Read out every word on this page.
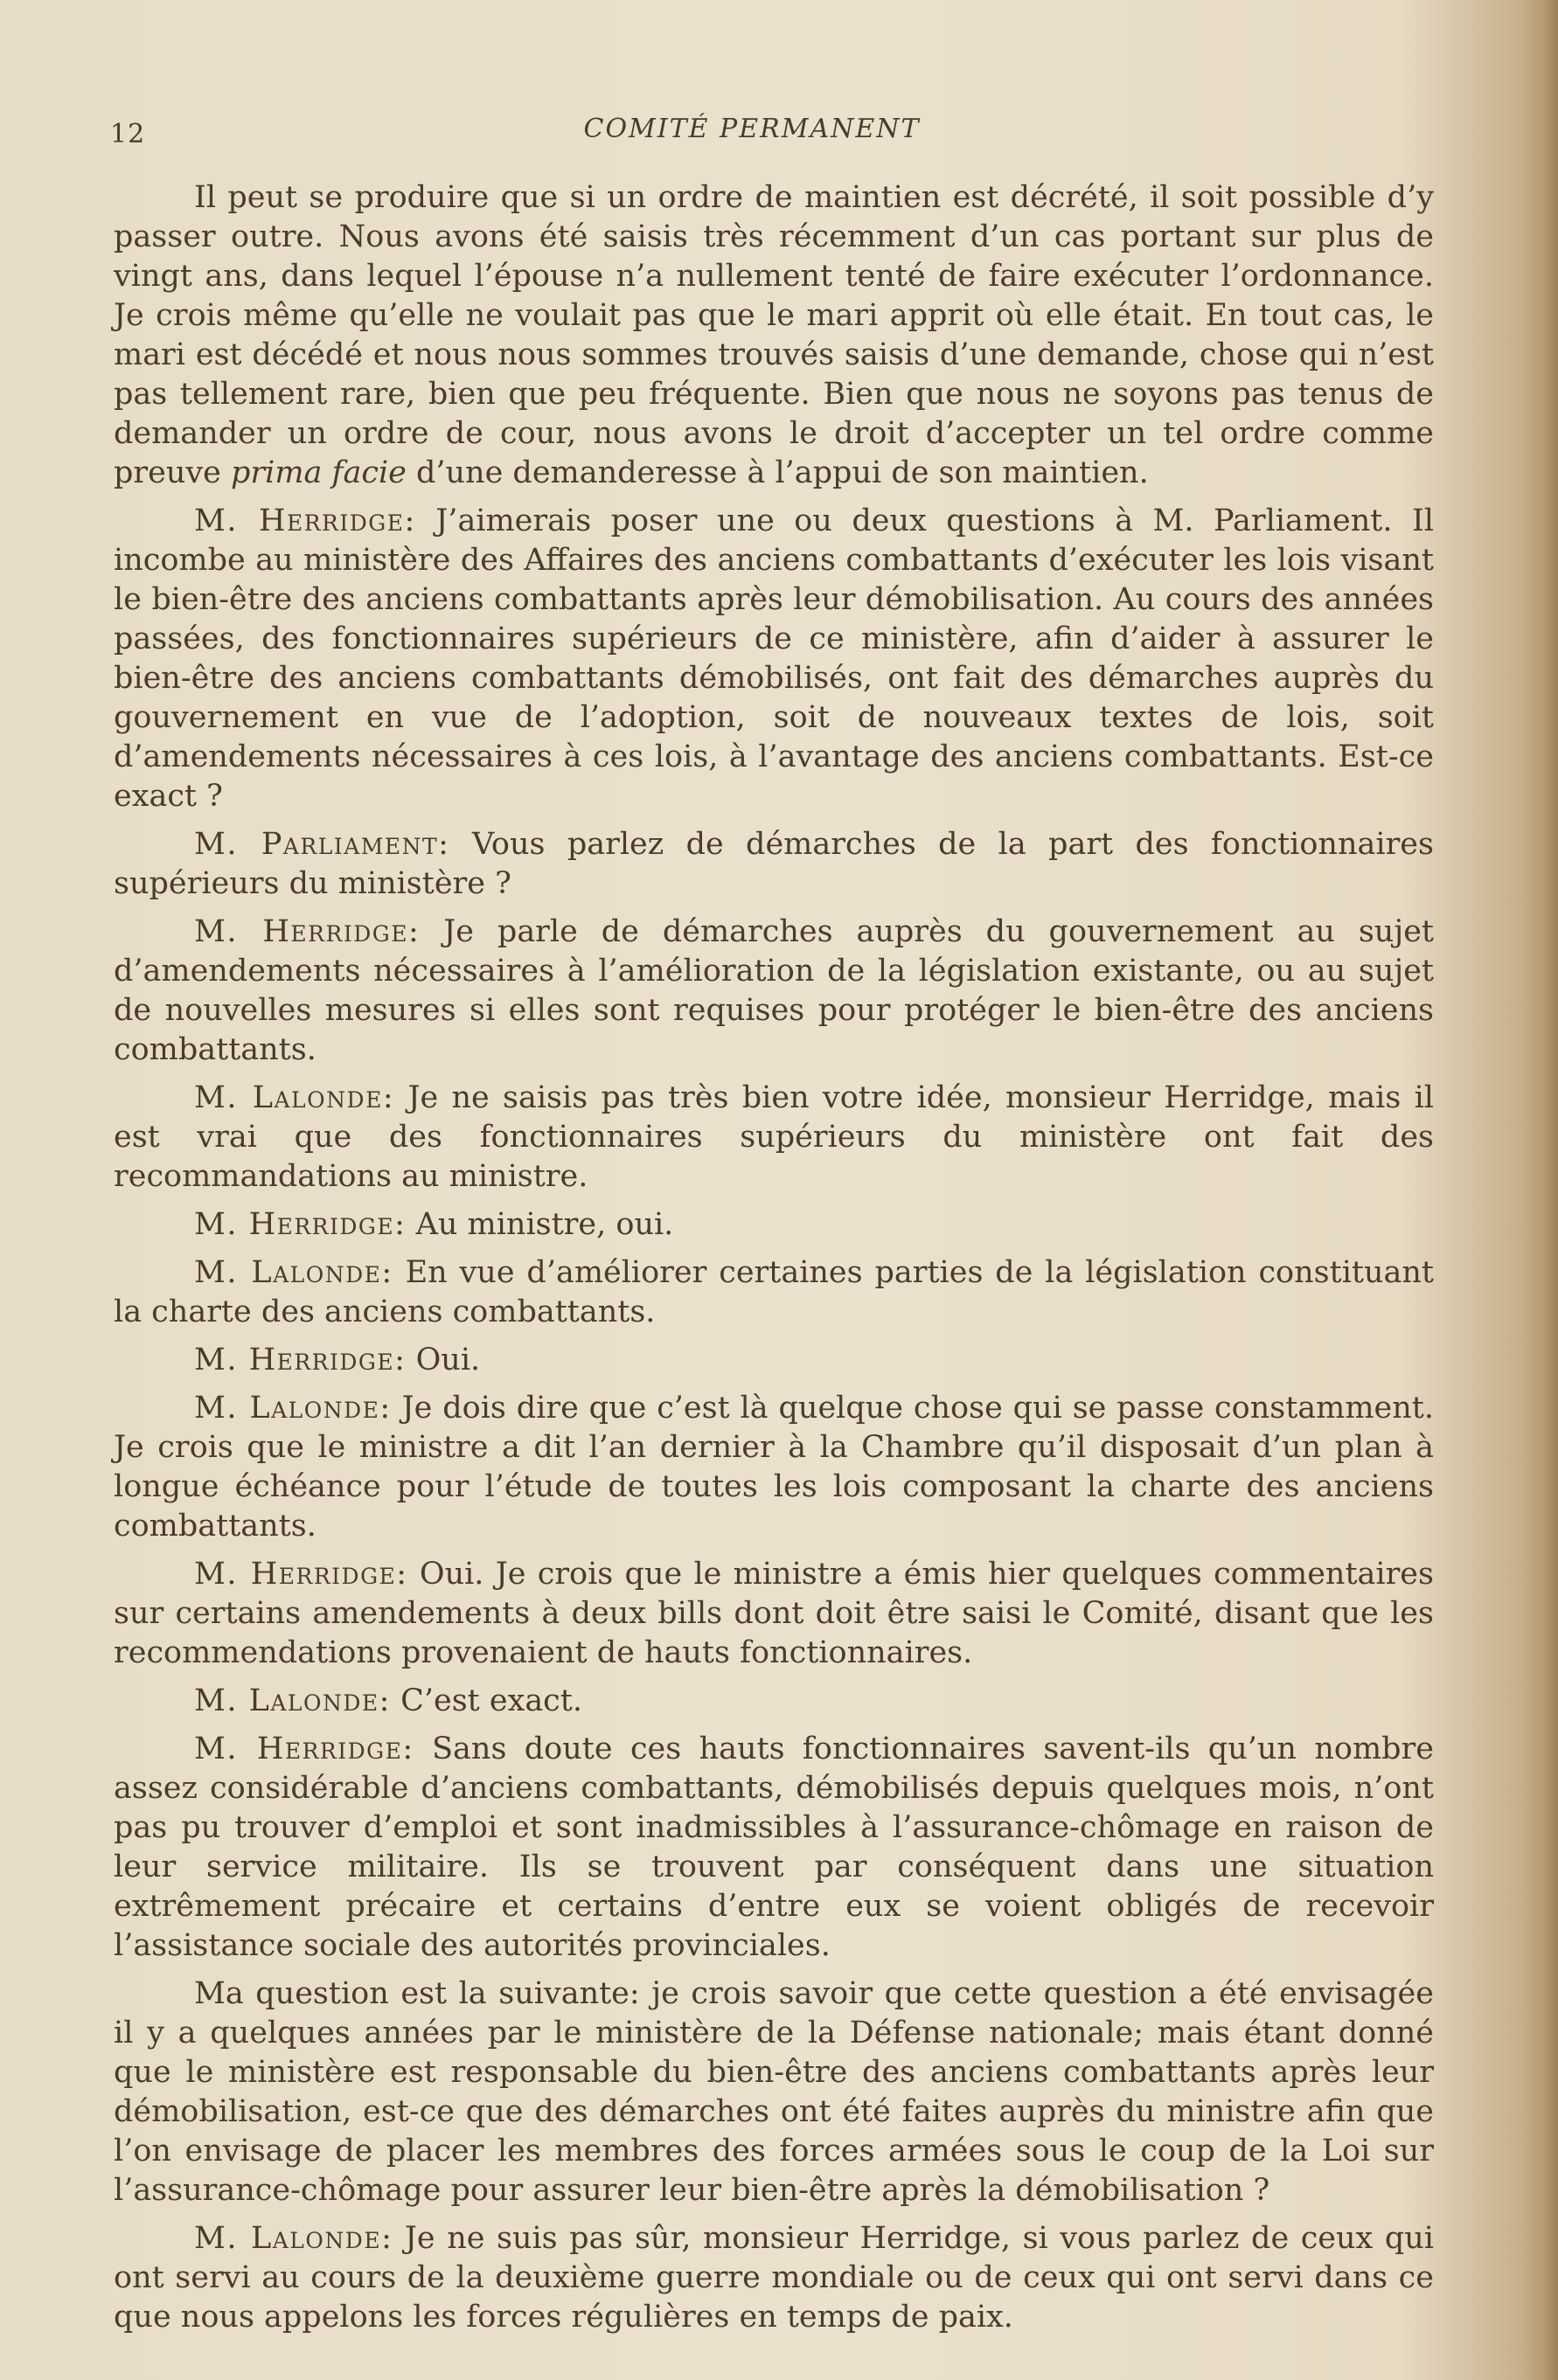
12	COMITÉ PERMANENT

Il peut se produire que si un ordre de maintien est décrété, il soit possible d’y passer outre. Nous avons été saisis très récemment d’un cas portant sur plus de vingt ans, dans lequel l’épouse n’a nullement tenté de faire exécuter l’ordonnance. Je crois même qu’elle ne voulait pas que le mari apprit où elle était. En tout cas, le mari est décédé et nous nous sommes trouvés saisis d’une demande, chose qui n’est pas tellement rare, bien que peu fréquente. Bien que nous ne soyons pas tenus de demander un ordre de cour, nous avons le droit d’accepter un tel ordre comme preuve prima facie d’une demanderesse à l’appui de son maintien.

M. Herridge: J’aimerais poser une ou deux questions à M. Parliament. Il incombe au ministère des Affaires des anciens combattants d’exécuter les lois visant le bien-être des anciens combattants après leur démobilisation. Au cours des années passées, des fonctionnaires supérieurs de ce ministère, afin d’aider à assurer le bien-être des anciens combattants démobilisés, ont fait des démarches auprès du gouvernement en vue de l’adoption, soit de nouveaux textes de lois, soit d’amendements nécessaires à ces lois, à l’avantage des anciens combattants. Est-ce exact ?

M. Parliament: Vous parlez de démarches de la part des fonctionnaires supérieurs du ministère ?

M. Herridge: Je parle de démarches auprès du gouvernement au sujet d’amendements nécessaires à l’amélioration de la législation existante, ou au sujet de nouvelles mesures si elles sont requises pour protéger le bien-être des anciens combattants.

M. Lalonde: Je ne saisis pas très bien votre idée, monsieur Herridge, mais il est vrai que des fonctionnaires supérieurs du ministère ont fait des recommandations au ministre.

M. Herridge: Au ministre, oui.

M. Lalonde: En vue d’améliorer certaines parties de la législation constituant la charte des anciens combattants.

M. Herridge: Oui.

M. Lalonde: Je dois dire que c’est là quelque chose qui se passe constamment. Je crois que le ministre a dit l’an dernier à la Chambre qu’il disposait d’un plan à longue échéance pour l’étude de toutes les lois composant la charte des anciens combattants.

M. Herridge: Oui. Je crois que le ministre a émis hier quelques commentaires sur certains amendements à deux bills dont doit être saisi le Comité, disant que les recommendations provenaient de hauts fonctionnaires.

M. Lalonde: C’est exact.

M. Herridge: Sans doute ces hauts fonctionnaires savent-ils qu’un nombre assez considérable d’anciens combattants, démobilisés depuis quelques mois, n’ont pas pu trouver d’emploi et sont inadmissibles à l’assurance-chômage en raison de leur service militaire. Ils se trouvent par conséquent dans une situation extrêmement précaire et certains d’entre eux se voient obligés de recevoir l’assistance sociale des autorités provinciales.

Ma question est la suivante: je crois savoir que cette question a été envisagée il y a quelques années par le ministère de la Défense nationale; mais étant donné que le ministère est responsable du bien-être des anciens combattants après leur démobilisation, est-ce que des démarches ont été faites auprès du ministre afin que l’on envisage de placer les membres des forces armées sous le coup de la Loi sur l’assurance-chômage pour assurer leur bien-être après la démobilisation ?

M. Lalonde: Je ne suis pas sûr, monsieur Herridge, si vous parlez de ceux qui ont servi au cours de la deuxième guerre mondiale ou de ceux qui ont servi dans ce que nous appelons les forces régulières en temps de paix.
